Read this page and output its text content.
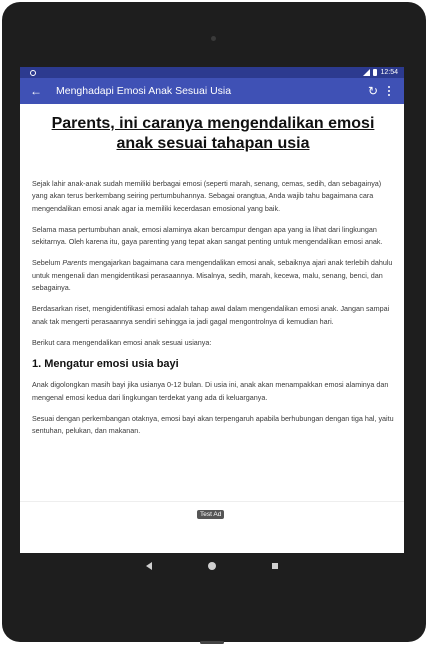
12:54
←	Menghadapi Emosi Anak Sesuai Usia	↻
Parents, ini caranya mengendalikan emosi anak sesuai tahapan usia

Sejak lahir anak-anak sudah memiliki berbagai emosi (seperti marah, senang, cemas, sedih, dan sebagainya) yang akan terus berkembang seiring pertumbuhannya. Sebagai orangtua, Anda wajib tahu bagaimana cara mengendalikan emosi anak agar ia memiliki kecerdasan emosional yang baik.

Selama masa pertumbuhan anak, emosi alaminya akan bercampur dengan apa yang ia lihat dari lingkungan sekitarnya. Oleh karena itu, gaya parenting yang tepat akan sangat penting untuk mengendalikan emosi anak.

Sebelum Parents mengajarkan bagaimana cara mengendalikan emosi anak, sebaiknya ajari anak terlebih dahulu untuk mengenali dan mengidentikasi perasaannya. Misalnya, sedih, marah, kecewa, malu, senang, benci, dan sebagainya.

Berdasarkan riset, mengidentifikasi emosi adalah tahap awal dalam mengendalikan emosi anak. Jangan sampai anak tak mengerti perasaannya sendiri sehingga ia jadi gagal mengontrolnya di kemudian hari.

Berikut cara mengendalikan emosi anak sesuai usianya:

1. Mengatur emosi usia bayi

Anak digolongkan masih bayi jika usianya 0-12 bulan. Di usia ini, anak akan menampakkan emosi alaminya dan mengenal emosi kedua dari lingkungan terdekat yang ada di keluarganya.

Sesuai dengan perkembangan otaknya, emosi bayi akan terpengaruh apabila berhubungan dengan tiga hal, yaitu sentuhan, pelukan, dan makanan.

Test Ad
